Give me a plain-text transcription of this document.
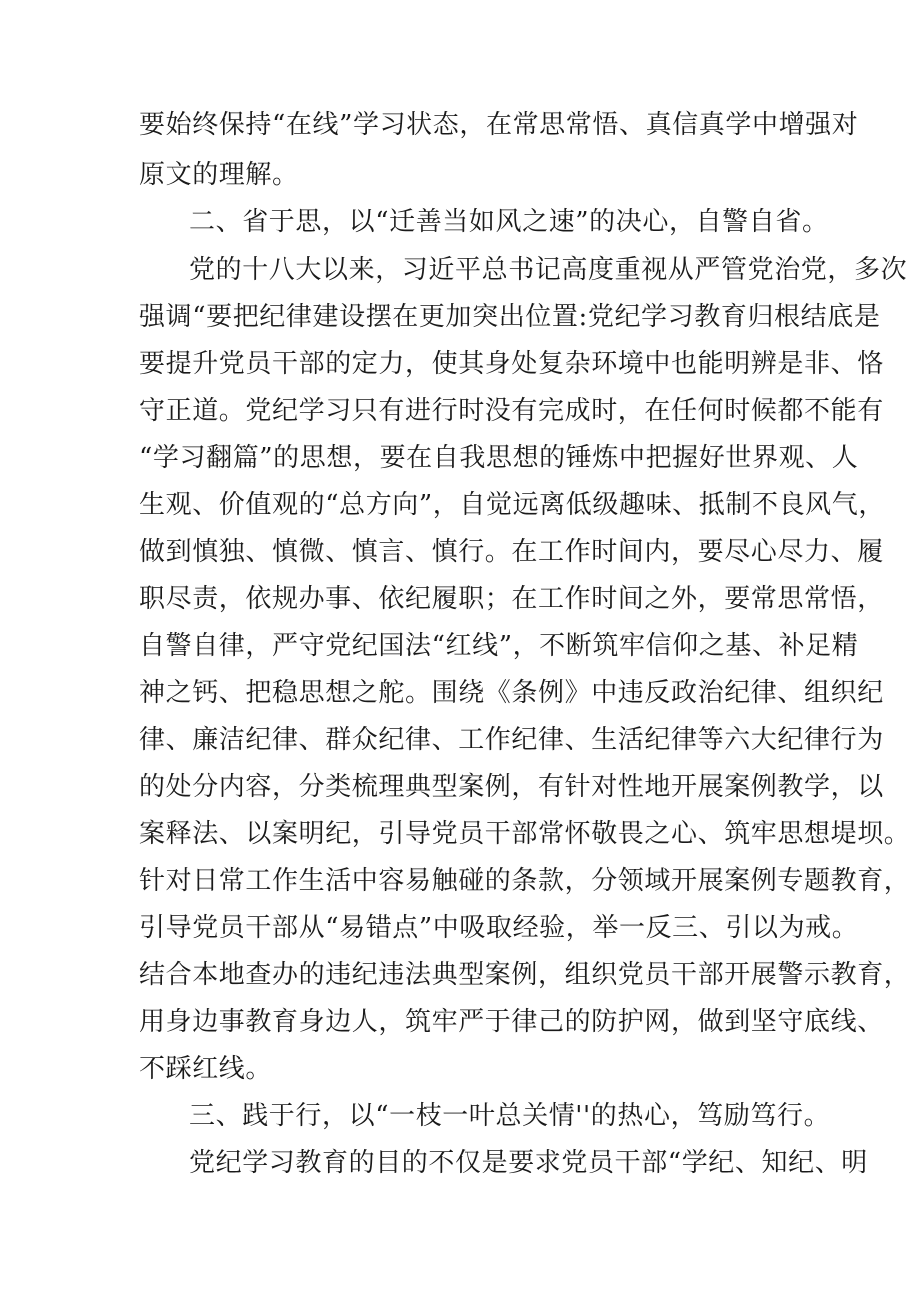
要始终保持“在线”学习状态，在常思常悟、真信真学中增强对
原文的理解。
二、省于思，以“迁善当如风之速”的决心，自警自省。
党的十八大以来，习近平总书记高度重视从严管党治党，多次
强调“要把纪律建设摆在更加突出位置:党纪学习教育归根结底是
要提升党员干部的定力，使其身处复杂环境中也能明辨是非、恪
守正道。党纪学习只有进行时没有完成时，在任何时候都不能有
“学习翻篇”的思想，要在自我思想的锤炼中把握好世界观、人
生观、价值观的“总方向”，自觉远离低级趣味、抵制不良风气，
做到慎独、慎微、慎言、慎行。在工作时间内，要尽心尽力、履
职尽责，依规办事、依纪履职；在工作时间之外，要常思常悟，
自警自律，严守党纪国法“红线”，不断筑牢信仰之基、补足精
神之钙、把稳思想之舵。围绕《条例》中违反政治纪律、组织纪
律、廉洁纪律、群众纪律、工作纪律、生活纪律等六大纪律行为
的处分内容，分类梳理典型案例，有针对性地开展案例教学，以
案释法、以案明纪，引导党员干部常怀敬畏之心、筑牢思想堤坝。
针对日常工作生活中容易触碰的条款，分领域开展案例专题教育，
引导党员干部从“易错点”中吸取经验，举一反三、引以为戒。
结合本地查办的违纪违法典型案例，组织党员干部开展警示教育，
用身边事教育身边人，筑牢严于律己的防护网，做到坚守底线、
不踩红线。
三、践于行，以“一枝一叶总关情''的热心，笃励笃行。
党纪学习教育的目的不仅是要求党员干部“学纪、知纪、明
